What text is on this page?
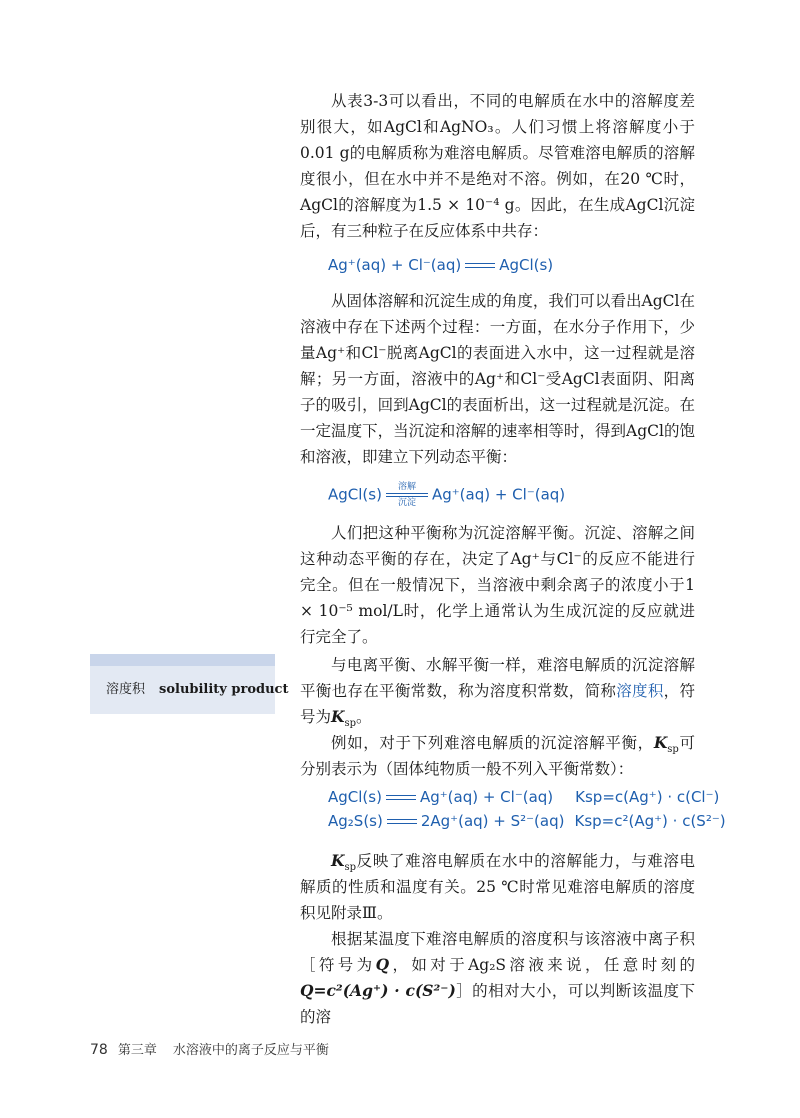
从表3-3可以看出，不同的电解质在水中的溶解度差别很大，如AgCl和AgNO₃。人们习惯上将溶解度小于0.01 g的电解质称为难溶电解质。尽管难溶电解质的溶解度很小，但在水中并不是绝对不溶。例如，在20 ℃时，AgCl的溶解度为1.5 × 10⁻⁴ g。因此，在生成AgCl沉淀后，有三种粒子在反应体系中共存：

Ag⁺(aq) + Cl⁻(aq)	AgCl(s)

从固体溶解和沉淀生成的角度，我们可以看出AgCl在溶液中存在下述两个过程：一方面，在水分子作用下，少量Ag⁺和Cl⁻脱离AgCl的表面进入水中，这一过程就是溶解；另一方面，溶液中的Ag⁺和Cl⁻受AgCl表面阴、阳离子的吸引，回到AgCl的表面析出，这一过程就是沉淀。在一定温度下，当沉淀和溶解的速率相等时，得到AgCl的饱和溶液，即建立下列动态平衡：

AgCl(s) 溶解
沉淀 Ag⁺(aq) + Cl⁻(aq)

人们把这种平衡称为沉淀溶解平衡。沉淀、溶解之间这种动态平衡的存在，决定了Ag⁺与Cl⁻的反应不能进行完全。但在一般情况下，当溶液中剩余离子的浓度小于1 × 10⁻⁵ mol/L时，化学上通常认为生成沉淀的反应就进行完全了。

溶度积 solubility product

与电离平衡、水解平衡一样，难溶电解质的沉淀溶解平衡也存在平衡常数，称为溶度积常数，简称溶度积，符号为$K_{sp}$。

例如，对于下列难溶电解质的沉淀溶解平衡，$K_{sp}$可分别表示为（固体纯物质一般不列入平衡常数）：

AgCl(s)	Ag⁺(aq) + Cl⁻(aq) Ksp=c(Ag⁺) · c(Cl⁻)
Ag₂S(s)	2Ag⁺(aq) + S²⁻(aq) Ksp=c²(Ag⁺) · c(S²⁻)

$K_{sp}$反映了难溶电解质在水中的溶解能力，与难溶电解质的性质和温度有关。25 ℃时常见难溶电解质的溶度积见附录Ⅲ。

根据某温度下难溶电解质的溶度积与该溶液中离子积［符号为Q，如对于Ag₂S溶液来说，任意时刻的Q=c²(Ag⁺) · c(S²⁻)］的相对大小，可以判断该温度下的溶

78 第三章 水溶液中的离子反应与平衡
